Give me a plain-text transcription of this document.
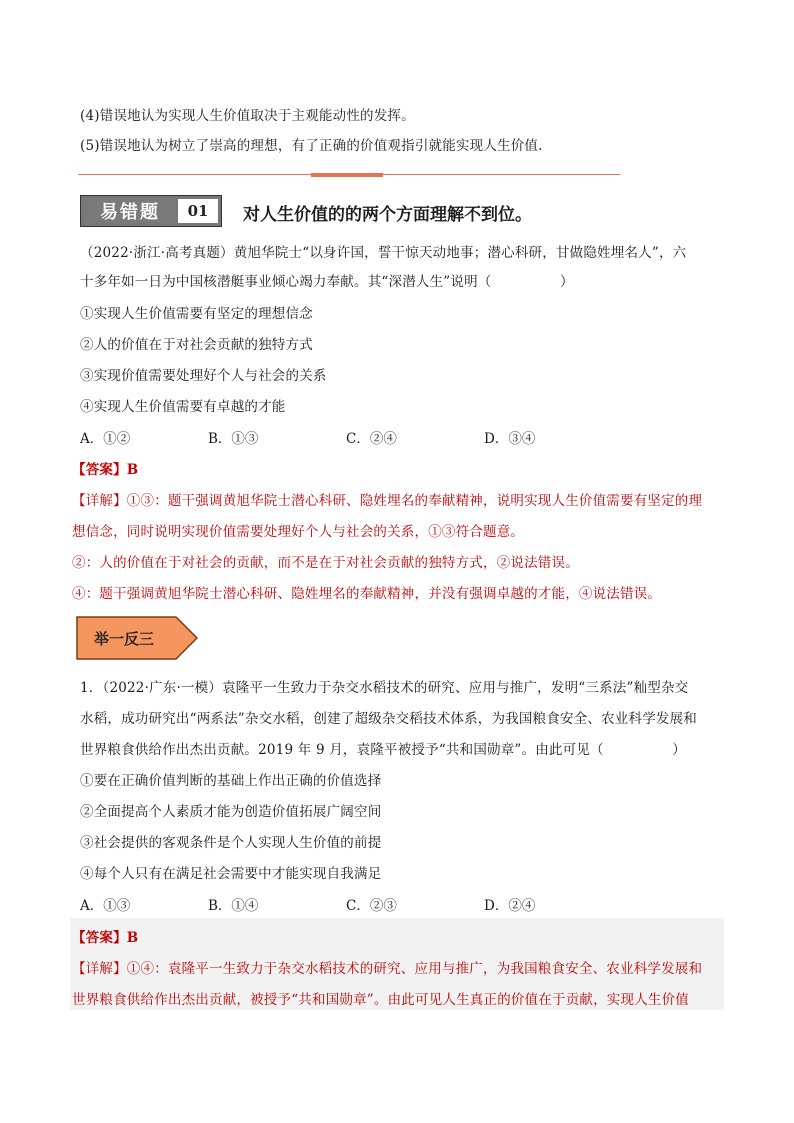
(4)错误地认为实现人生价值取决于主观能动性的发挥。
(5)错误地认为树立了崇高的理想，有了正确的价值观指引就能实现人生价值.
易错题	01	对人生价值的的两个方面理解不到位。
（2022·浙江·高考真题）黄旭华院士“以身许国，誓干惊天动地事；潜心科研，甘做隐姓埋名人”，六
十多年如一日为中国核潜艇事业倾心竭力奉献。其“深潜人生”说明（　　　　　）
①实现人生价值需要有坚定的理想信念
②人的价值在于对社会贡献的独特方式
③实现价值需要处理好个人与社会的关系
④实现人生价值需要有卓越的才能
A．①②	B．①③	C．②④	D．③④
【答案】B
【详解】①③：题干强调黄旭华院士潜心科研、隐姓埋名的奉献精神，说明实现人生价值需要有坚定的理
想信念，同时说明实现价值需要处理好个人与社会的关系，①③符合题意。
②：人的价值在于对社会的贡献，而不是在于对社会贡献的独特方式，②说法错误。
④：题干强调黄旭华院士潜心科研、隐姓埋名的奉献精神，并没有强调卓越的才能，④说法错误。
举一反三
1．（2022·广东·一模）袁隆平一生致力于杂交水稻技术的研究、应用与推广，发明“三系法”籼型杂交
水稻，成功研究出“两系法”杂交水稻，创建了超级杂交稻技术体系，为我国粮食安全、农业科学发展和
世界粮食供给作出杰出贡献。2019 年 9 月，袁隆平被授予“共和国勋章”。由此可见（　　　　　）
①要在正确价值判断的基础上作出正确的价值选择
②全面提高个人素质才能为创造价值拓展广阔空间
③社会提供的客观条件是个人实现人生价值的前提
④每个人只有在满足社会需要中才能实现自我满足
A．①③	B．①④	C．②③	D．②④
【答案】B
【详解】①④：袁隆平一生致力于杂交水稻技术的研究、应用与推广，为我国粮食安全、农业科学发展和
世界粮食供给作出杰出贡献，被授予“共和国勋章”。由此可见人生真正的价值在于贡献，实现人生价值
